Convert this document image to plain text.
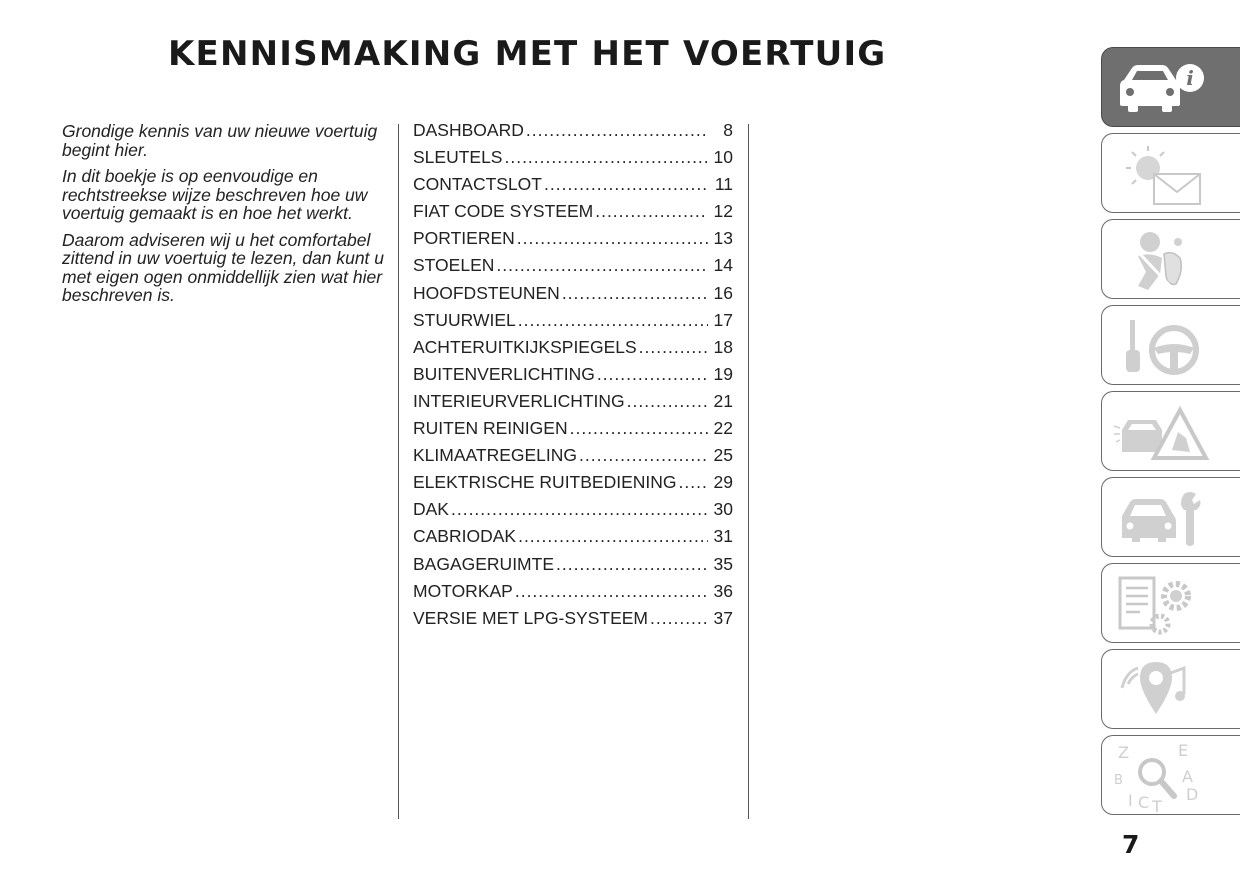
KENNISMAKING MET HET VOERTUIG

Grondige kennis van uw nieuwe voertuig begint hier.

In dit boekje is op eenvoudige en rechtstreekse wijze beschreven hoe uw voertuig gemaakt is en hoe het werkt.

Daarom adviseren wij u het comfortabel zittend in uw voertuig te lezen, dan kunt u met eigen ogen onmiddellijk zien wat hier beschreven is.

DASHBOARD .....	8
SLEUTELS .....	10
CONTACTSLOT .....	11
FIAT CODE SYSTEEM .....	12
PORTIEREN .....	13
STOELEN .....	14
HOOFDSTEUNEN .....	16
STUURWIEL .....	17
ACHTERUITKIJKSPIEGELS .....	18
BUITENVERLICHTING .....	19
INTERIEURVERLICHTING .....	21
RUITEN REINIGEN .....	22
KLIMAATREGELING .....	25
ELEKTRISCHE RUITBEDIENING ..... 29
DAK .....	30
CABRIODAK .....	31
BAGAGERUIMTE .....	35
MOTORKAP .....	36
VERSIE MET LPG-SYSTEEM .....	37
i
Z	E
B	A
C T
I	D
7
